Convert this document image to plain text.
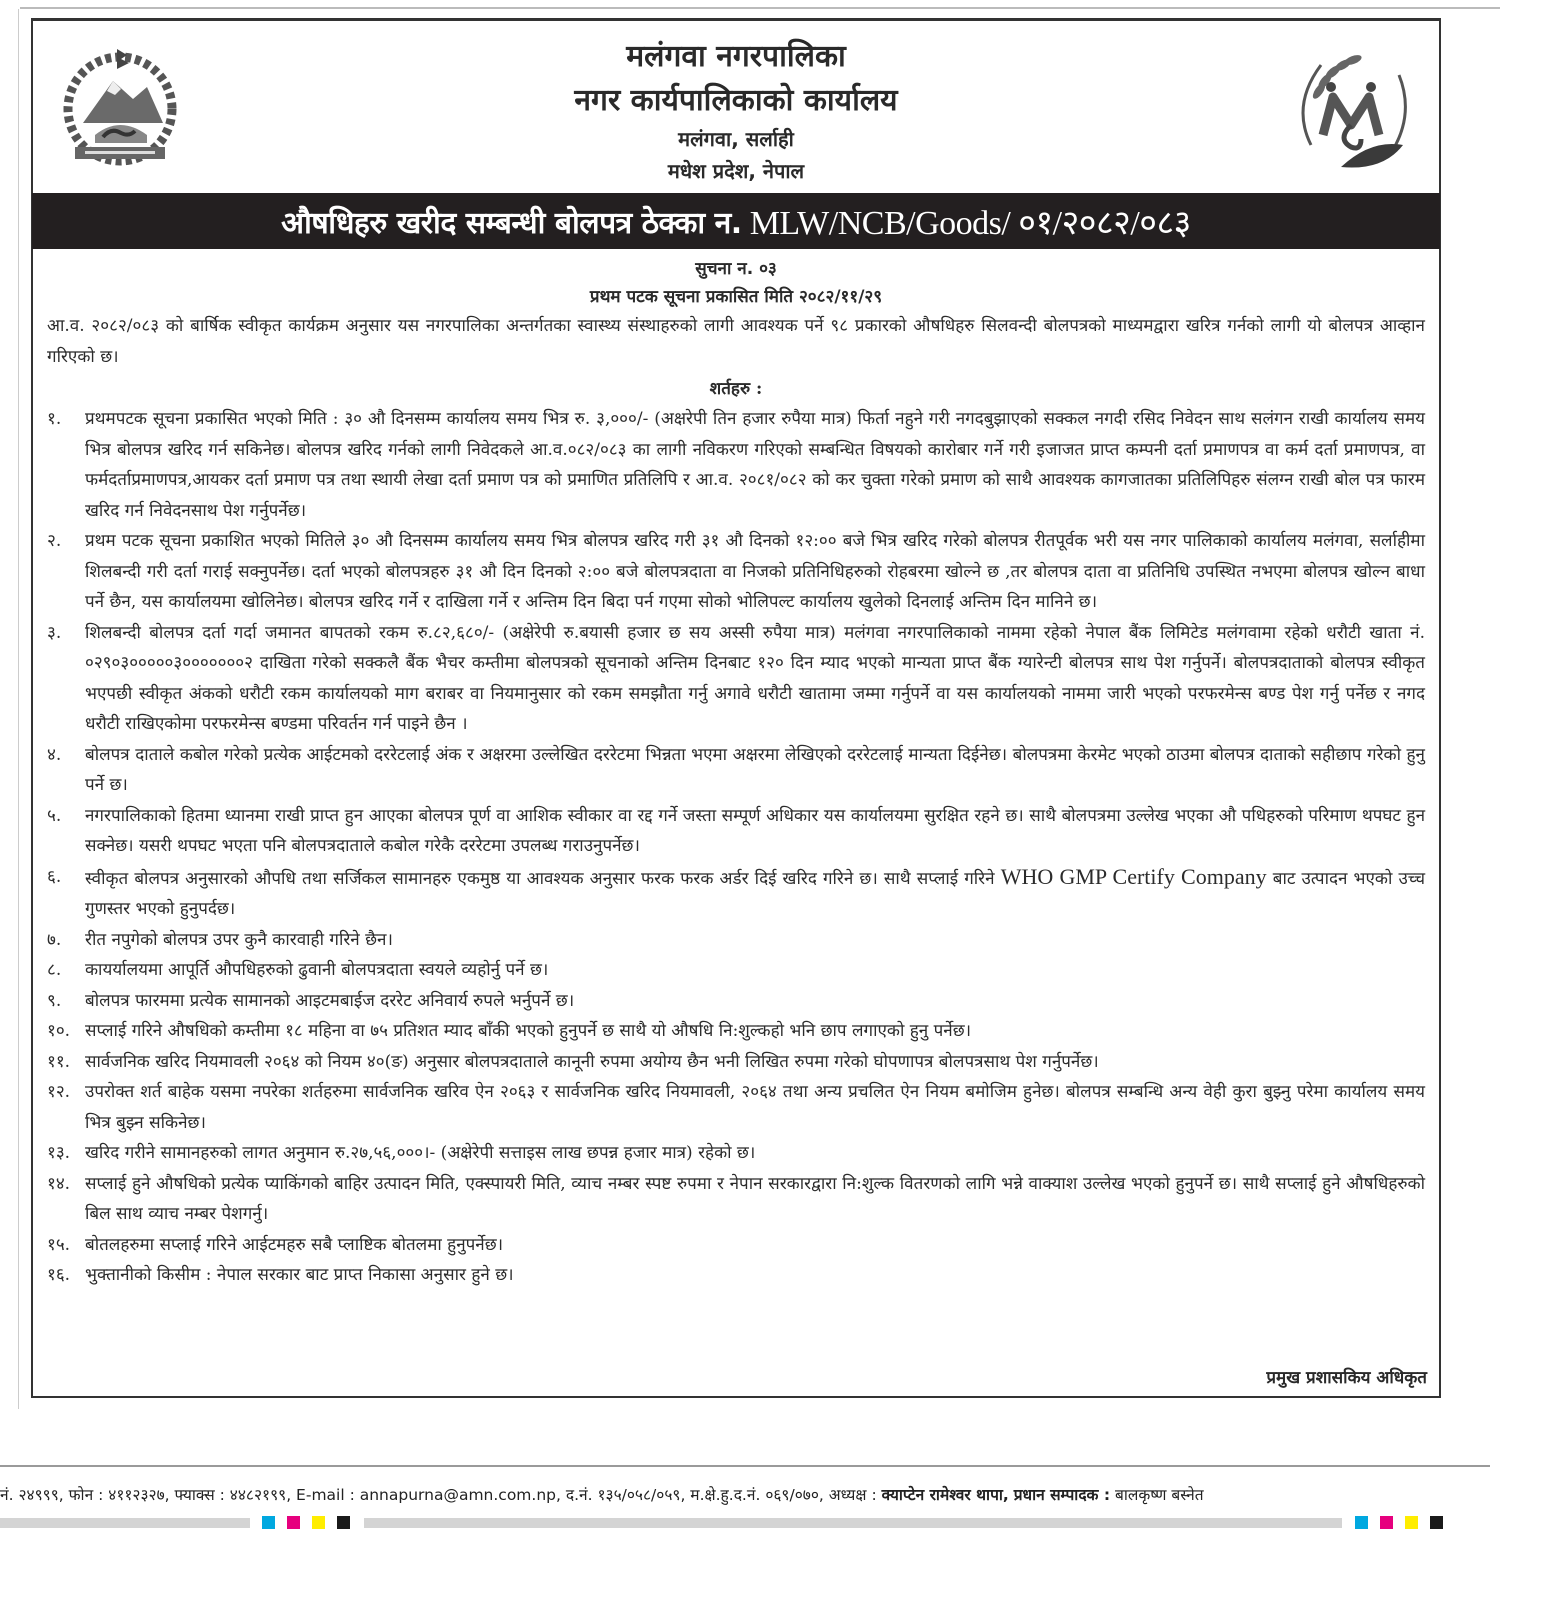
मलंगवा नगरपालिका
नगर कार्यपालिकाको कार्यालय
मलंगवा, सर्लाही
मधेश प्रदेश, नेपाल
औषधिहरु खरीद सम्बन्धी बोलपत्र ठेक्का न. MLW/NCB/Goods/ ०१/२०८२/०८३
सुचना न. ०३
प्रथम पटक सूचना प्रकासित मिति २०८२/११/२९
आ.व. २०८२/०८३ को बार्षिक स्वीकृत कार्यक्रम अनुसार यस नगरपालिका अन्तर्गतका स्वास्थ्य संस्थाहरुको लागी आवश्यक पर्ने ९८ प्रकारको औषधिहरु सिलवन्दी बोलपत्रको माध्यमद्वारा खरित्र गर्नको लागी यो बोलपत्र आव्हान गरिएको छ।
शर्तहरु :
१.	प्रथमपटक सूचना प्रकासित भएको मिति : ३० औ दिनसम्म कार्यालय समय भित्र रु. ३,०००/- (अक्षरेपी तिन हजार रुपैया मात्र) फिर्ता नहुने गरी नगदबुझाएको सक्कल नगदी रसिद निवेदन साथ सलंगन राखी कार्यालय समय भित्र बोलपत्र खरिद गर्न सकिनेछ। बोलपत्र खरिद गर्नको लागी निवेदकले आ.व.०८२/०८३ का लागी नविकरण गरिएको सम्बन्धित विषयको कारोबार गर्ने गरी इजाजत प्राप्त कम्पनी दर्ता प्रमाणपत्र वा कर्म दर्ता प्रमाणपत्र, वा फर्मदर्ताप्रमाणपत्र,आयकर दर्ता प्रमाण पत्र तथा स्थायी लेखा दर्ता प्रमाण पत्र को प्रमाणित प्रतिलिपि र आ.व. २०८१/०८२ को कर चुक्ता गरेको प्रमाण को साथै आवश्यक कागजातका प्रतिलिपिहरु संलग्न राखी बोल पत्र फारम खरिद गर्न निवेदनसाथ पेश गर्नुपर्नेछ।
२.	प्रथम पटक सूचना प्रकाशित भएको मितिले ३० औ दिनसम्म कार्यालय समय भित्र बोलपत्र खरिद गरी ३१ औ दिनको १२:०० बजे भित्र खरिद गरेको बोलपत्र रीतपूर्वक भरी यस नगर पालिकाको कार्यालय मलंगवा, सर्लाहीमा शिलबन्दी गरी दर्ता गराई सक्नुपर्नेछ। दर्ता भएको बोलपत्रहरु ३१ औ दिन दिनको २:०० बजे बोलपत्रदाता वा निजको प्रतिनिधिहरुको रोहबरमा खोल्ने छ ,तर बोलपत्र दाता वा प्रतिनिधि उपस्थित नभएमा बोलपत्र खोल्न बाधा पर्ने छैन, यस कार्यालयमा खोलिनेछ। बोलपत्र खरिद गर्ने र दाखिला गर्ने र अन्तिम दिन बिदा पर्न गएमा सोको भोलिपल्ट कार्यालय खुलेको दिनलाई अन्तिम दिन मानिने छ।
३.	शिलबन्दी बोलपत्र दर्ता गर्दा जमानत बापतको रकम रु.८२,६८०/- (अक्षेरेपी रु.बयासी हजार छ सय अस्सी रुपैया मात्र) मलंगवा नगरपालिकाको नाममा रहेको नेपाल बैंक लिमिटेड मलंगवामा रहेको धरौटी खाता नं. ०२९०३०००००३०००००००२ दाखिता गरेको सक्कलै बैंक भैचर कम्तीमा बोलपत्रको सूचनाको अन्तिम दिनबाट १२० दिन म्याद भएको मान्यता प्राप्त बैंक ग्यारेन्टी बोलपत्र साथ पेश गर्नुपर्ने। बोलपत्रदाताको बोलपत्र स्वीकृत भएपछी स्वीकृत अंकको धरौटी रकम कार्यालयको माग बराबर वा नियमानुसार को रकम समझौता गर्नु अगावे धरौटी खातामा जम्मा गर्नुपर्ने वा यस कार्यालयको नाममा जारी भएको परफरमेन्स बण्ड पेश गर्नु पर्नेछ र नगद धरौटी राखिएकोमा परफरमेन्स बण्डमा परिवर्तन गर्न पाइने छैन ।
४.	बोलपत्र दाताले कबोल गरेको प्रत्येक आईटमको दररेटलाई अंक र अक्षरमा उल्लेखित दररेटमा भिन्नता भएमा अक्षरमा लेखिएको दररेटलाई मान्यता दिईनेछ। बोलपत्रमा केरमेट भएको ठाउमा बोलपत्र दाताको सहीछाप गरेको हुनु पर्ने छ।
५.	नगरपालिकाको हितमा ध्यानमा राखी प्राप्त हुन आएका बोलपत्र पूर्ण वा आशिक स्वीकार वा रद्द गर्ने जस्ता सम्पूर्ण अधिकार यस कार्यालयमा सुरक्षित रहने छ। साथै बोलपत्रमा उल्लेख भएका औ पधिहरुको परिमाण थपघट हुन सक्नेछ। यसरी थपघट भएता पनि बोलपत्रदाताले कबोल गरेकै दररेटमा उपलब्ध गराउनुपर्नेछ।
६.	स्वीकृत बोलपत्र अनुसारको औपधि तथा सर्जिकल सामानहरु एकमुष्ठ या आवश्यक अनुसार फरक फरक अर्डर दिई खरिद गरिने छ। साथै सप्लाई गरिने WHO GMP Certify Company बाट उत्पादन भएको उच्च गुणस्तर भएको हुनुपर्दछ।
७.	रीत नपुगेको बोलपत्र उपर कुनै कारवाही गरिने छैन।
८.	कायर्यालयमा आपूर्ति औपधिहरुको ढुवानी बोलपत्रदाता स्वयले व्यहोर्नु पर्ने छ।
९.	बोलपत्र फारममा प्रत्येक सामानको आइटमबाईज दररेट अनिवार्य रुपले भर्नुपर्ने छ।
१०. सप्लाई गरिने औषधिको कम्तीमा १८ महिना वा ७५ प्रतिशत म्याद बाँकी भएको हुनुपर्ने छ साथै यो औषधि नि:शुल्कहो भनि छाप लगाएको हुनु पर्नेछ।
११. सार्वजनिक खरिद नियमावली २०६४ को नियम ४०(ङ) अनुसार बोलपत्रदाताले कानूनी रुपमा अयोग्य छैन भनी लिखित रुपमा गरेको घोपणापत्र बोलपत्रसाथ पेश गर्नुपर्नेछ।
१२. उपरोक्त शर्त बाहेक यसमा नपरेका शर्तहरुमा सार्वजनिक खरिव ऐन २०६३ र सार्वजनिक खरिद नियमावली, २०६४ तथा अन्य प्रचलित ऐन नियम बमोजिम हुनेछ। बोलपत्र सम्बन्धि अन्य वेही कुरा बुझ्नु परेमा कार्यालय समय भित्र बुझ्न सकिनेछ।
१३. खरिद गरीने सामानहरुको लागत अनुमान रु.२७,५६,०००।- (अक्षेरेपी सत्ताइस लाख छपन्न हजार मात्र) रहेको छ।
१४. सप्लाई हुने औषधिको प्रत्येक प्याकिंगको बाहिर उत्पादन मिति, एक्स्पायरी मिति, व्याच नम्बर स्पष्ट रुपमा र नेपान सरकारद्वारा नि:शुल्क वितरणको लागि भन्ने वाक्याश उल्लेख भएको हुनुपर्ने छ। साथै सप्लाई हुने औषधिहरुको बिल साथ व्याच नम्बर पेशगर्नु।
१५. बोतलहरुमा सप्लाई गरिने आईटमहरु सबै प्लाष्टिक बोतलमा हुनुपर्नेछ।
१६. भुक्तानीको किसीम : नेपाल सरकार बाट प्राप्त निकासा अनुसार हुने छ।
प्रमुख प्रशासकिय अधिकृत
नं. २४९९९, फोन : ४११२३२७, फ्याक्स : ४४८२१९९, E-mail : annapurna@amn.com.np, द.नं. १३५/०५८/०५९, म.क्षे.हु.द.नं. ०६९/०७०, अध्यक्ष : क्याप्टेन रामेश्वर थापा, प्रधान सम्पादक : बालकृष्ण बस्नेत
